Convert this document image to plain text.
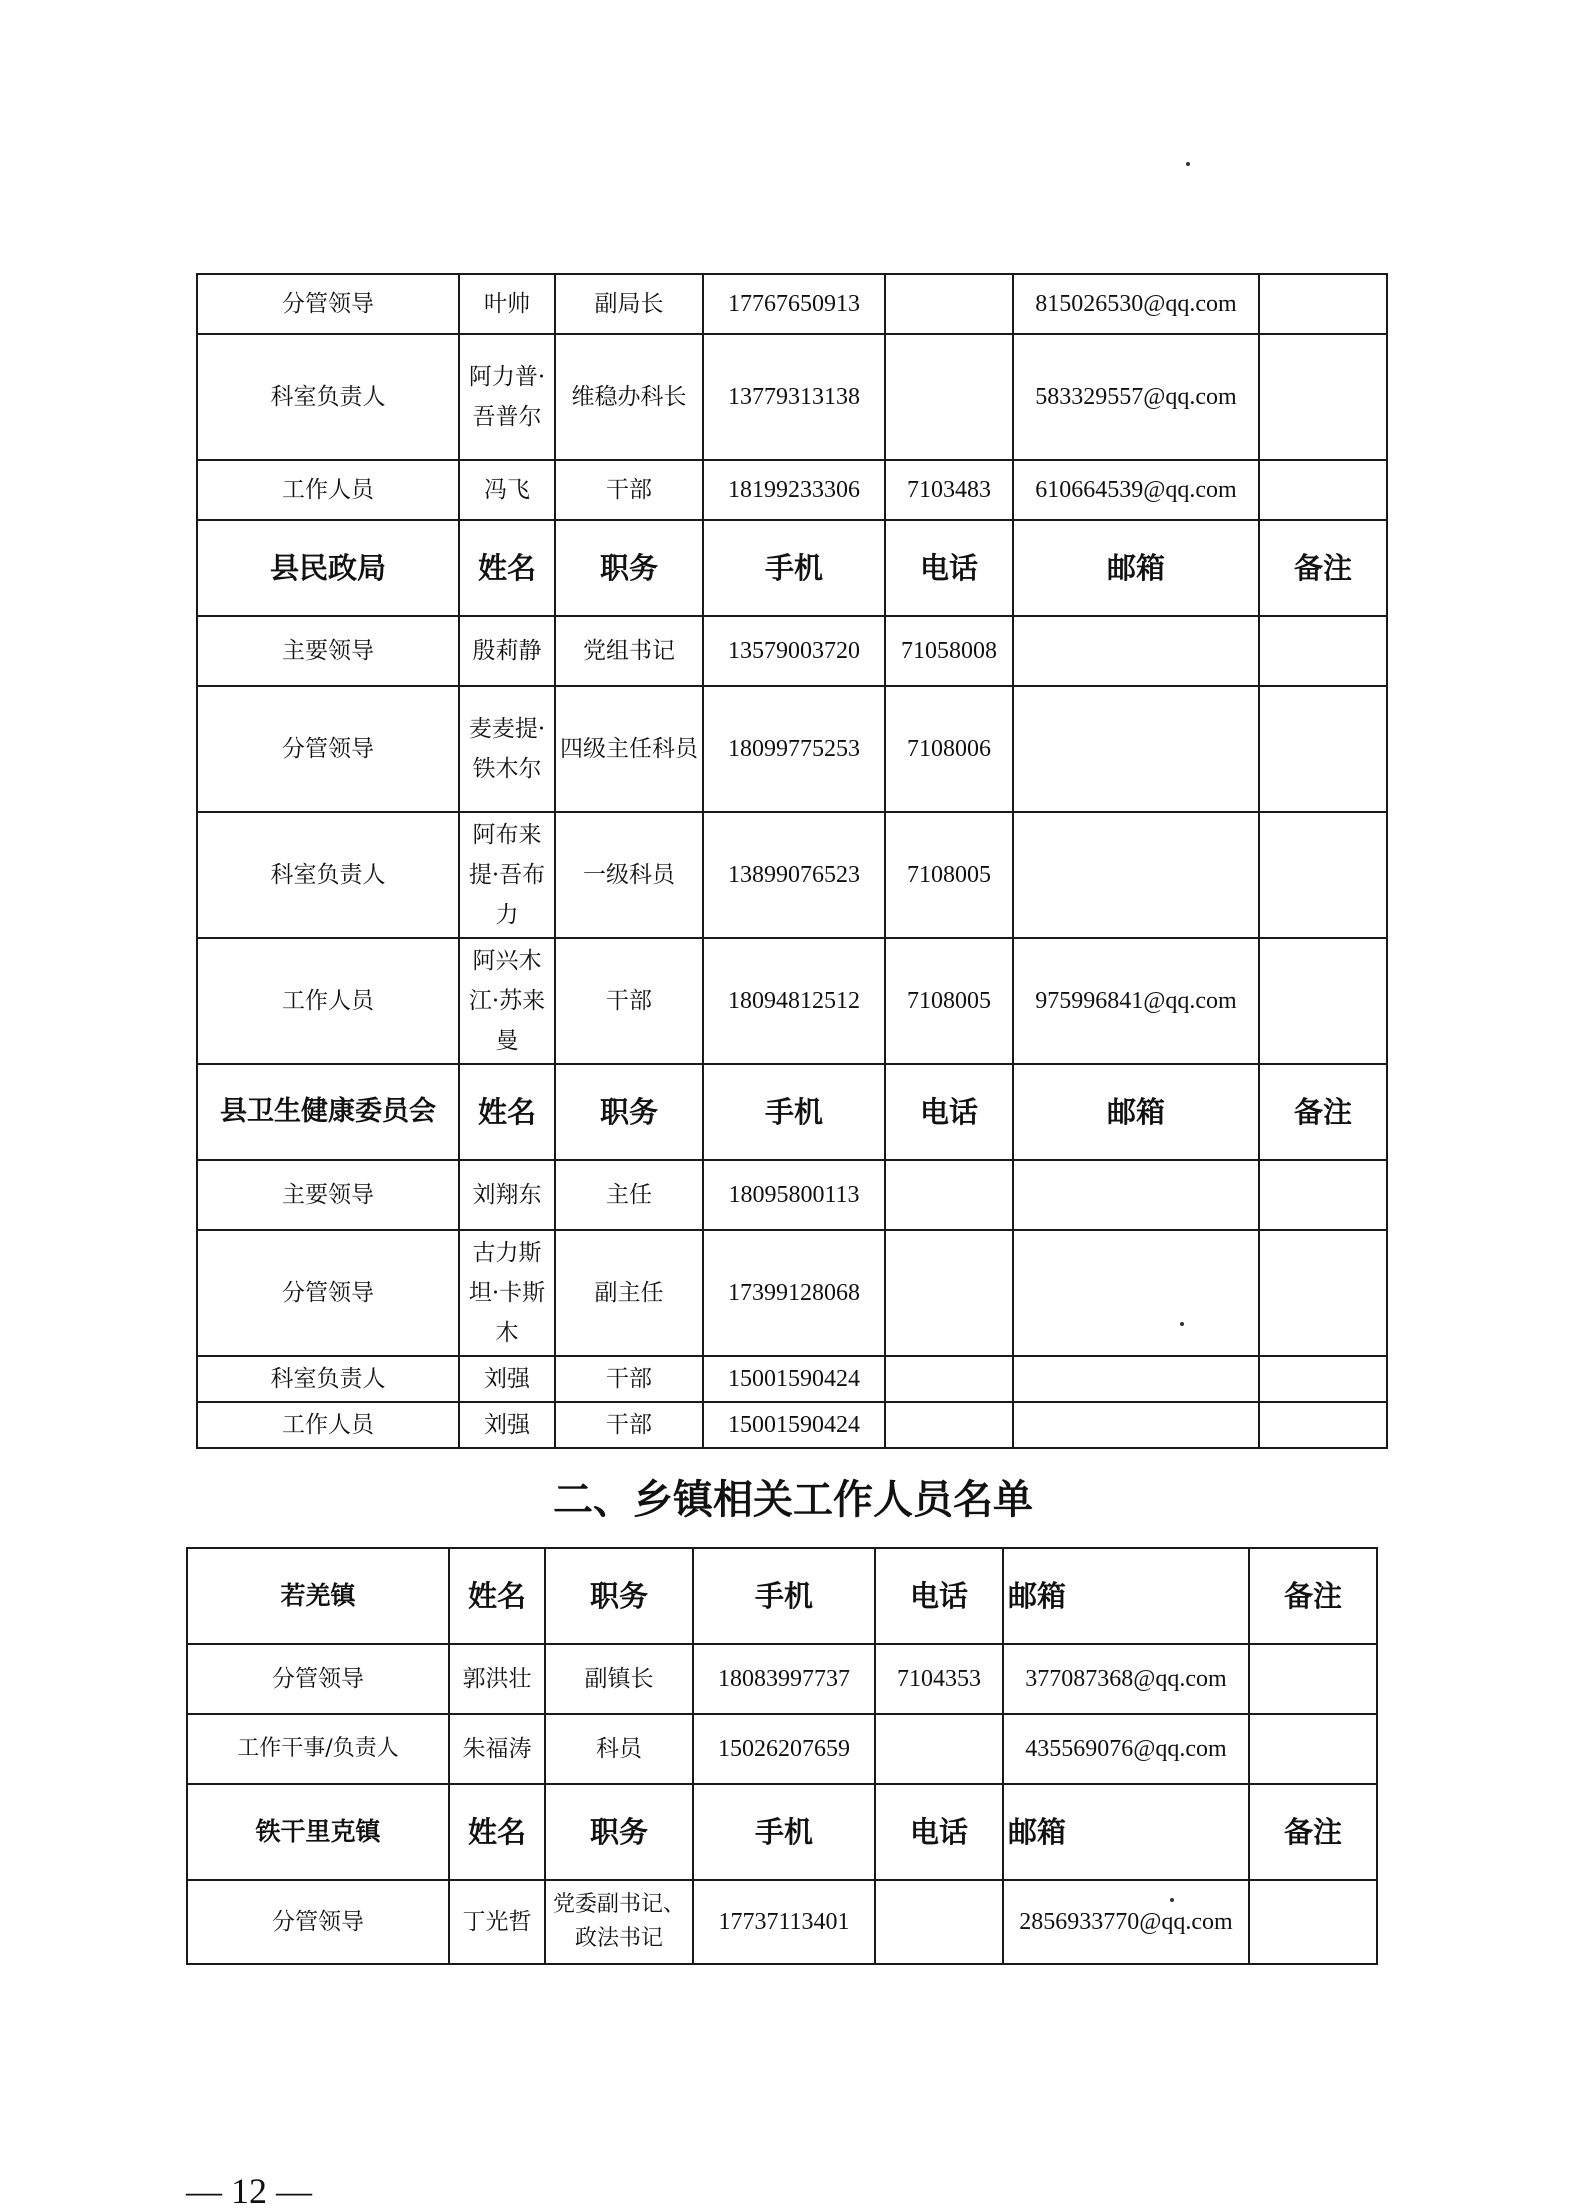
分管领导	叶帅	副局长	17767650913		815026530@qq.com	
科室负责人	阿力普·吾普尔	维稳办科长	13779313138		583329557@qq.com	
工作人员	冯飞	干部	18199233306	7103483	610664539@qq.com	
县民政局	姓名	职务	手机	电话	邮箱	备注
主要领导	殷莉静	党组书记	13579003720	71058008		
分管领导	麦麦提·铁木尔	四级主任科员	18099775253	7108006		
科室负责人	阿布来提·吾布力	一级科员	13899076523	7108005		
工作人员	阿兴木江·苏来曼	干部	18094812512	7108005	975996841@qq.com	
县卫生健康委员会	姓名	职务	手机	电话	邮箱	备注
主要领导	刘翔东	主任	18095800113			
分管领导	古力斯坦·卡斯木	副主任	17399128068			
科室负责人	刘强	干部	15001590424			
工作人员	刘强	干部	15001590424			
二、乡镇相关工作人员名单
若羌镇	姓名	职务	手机	电话	邮箱	备注
分管领导	郭洪壮	副镇长	18083997737	7104353	377087368@qq.com	
工作干事/负责人	朱福涛	科员	15026207659		435569076@qq.com	
铁干里克镇	姓名	职务	手机	电话	邮箱	备注
分管领导	丁光哲	党委副书记、政法书记	17737113401		2856933770@qq.com	
— 12 —
